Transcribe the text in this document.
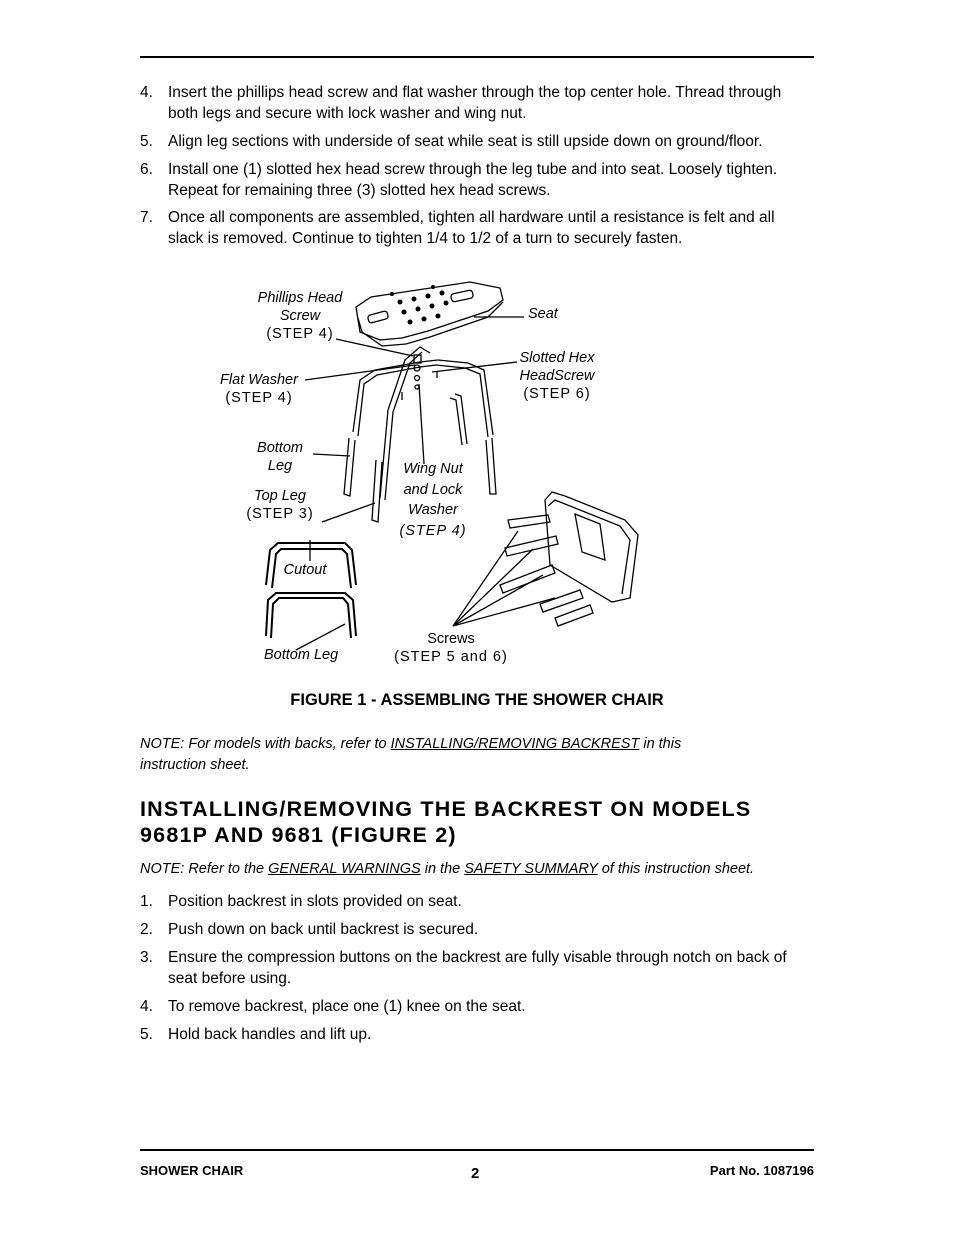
4. Insert the phillips head screw and flat washer through the top center hole. Thread through both legs and secure with lock washer and wing nut.
5. Align leg sections with underside of seat while seat is still upside down on ground/floor.
6. Install one (1) slotted hex head screw through the leg tube and into seat. Loosely tighten. Repeat for remaining three (3) slotted hex head screws.
7. Once all components are assembled, tighten all hardware until a resistance is felt and all slack is removed. Continue to tighten 1/4 to 1/2 of a turn to securely fasten.
Phillips Head
Screw
(STEP 4)
Seat
Slotted Hex
HeadScrew
(STEP 6)
Flat Washer
(STEP 4)
Bottom
Leg	Wing Nut
and Lock
Washer
(STEP 4)
Top Leg
(STEP 3)
Cutout
Bottom Leg
Screws
(STEP 5 and 6)
FIGURE 1 - ASSEMBLING THE SHOWER CHAIR
NOTE: For models with backs, refer to INSTALLING/REMOVING BACKREST in this
instruction sheet.
INSTALLING/REMOVING THE BACKREST ON MODELS
9681P AND 9681 (FIGURE 2)
NOTE: Refer to the GENERAL WARNINGS in the SAFETY SUMMARY of this instruction sheet.
1. Position backrest in slots provided on seat.
2. Push down on back until backrest is secured.
3. Ensure the compression buttons on the backrest are fully visable through notch on back of seat before using.
4. To remove backrest, place one (1) knee on the seat.
5. Hold back handles and lift up.
SHOWER CHAIR	2	Part No. 1087196
